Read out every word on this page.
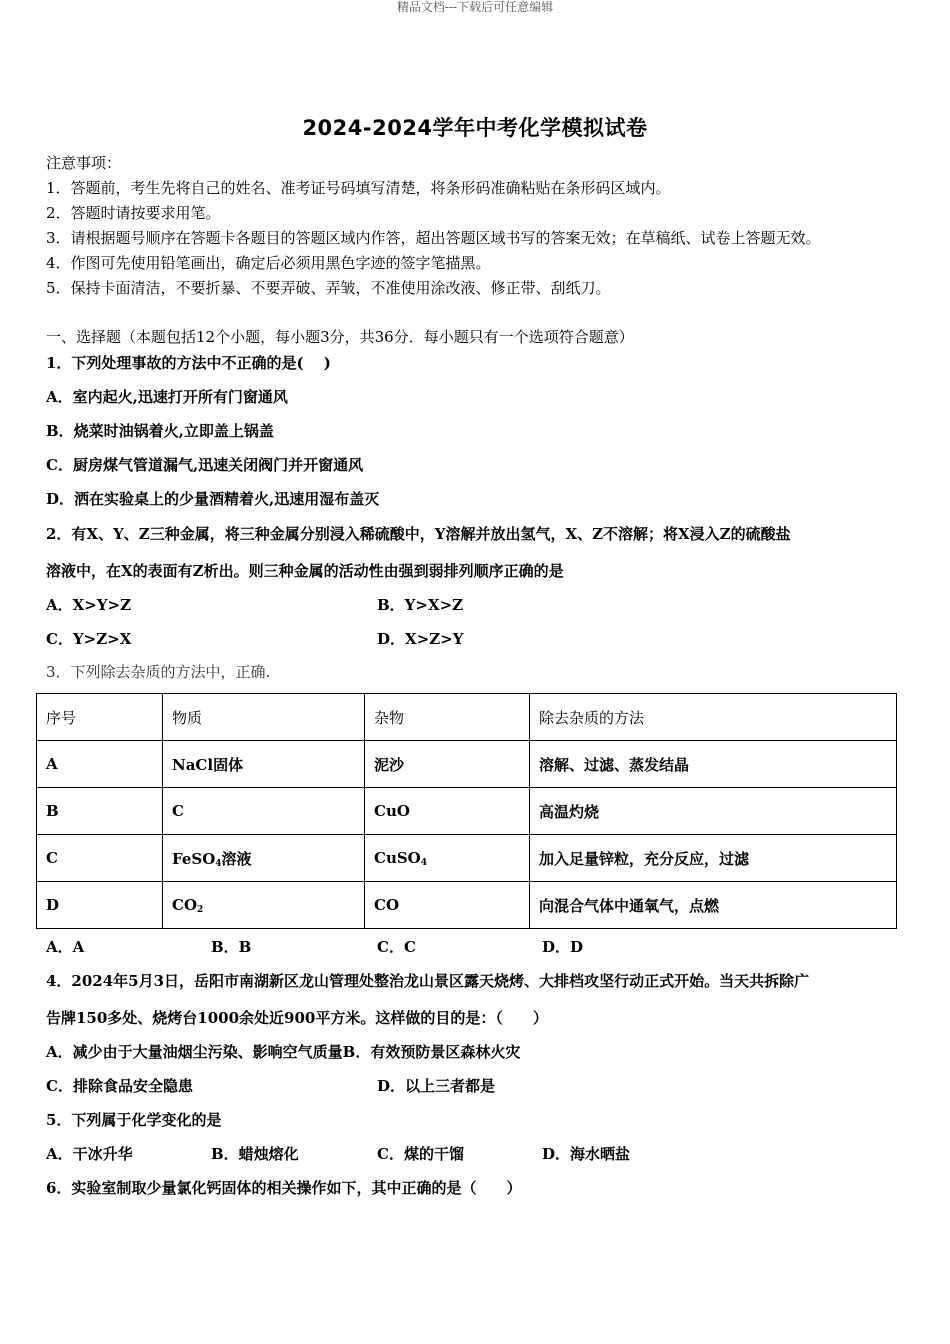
精品文档---下载后可任意编辑
2024-2024学年中考化学模拟试卷
注意事项：
1．答题前，考生先将自己的姓名、准考证号码填写清楚，将条形码准确粘贴在条形码区域内。
2．答题时请按要求用笔。
3．请根据题号顺序在答题卡各题目的答题区域内作答，超出答题区域书写的答案无效；在草稿纸、试卷上答题无效。
4．作图可先使用铅笔画出，确定后必须用黑色字迹的签字笔描黑。
5．保持卡面清洁，不要折暴、不要弄破、弄皱，不准使用涂改液、修正带、刮纸刀。
一、选择题（本题包括12个小题，每小题3分，共36分．每小题只有一个选项符合题意）
1．下列处理事故的方法中不正确的是(　 )
A．室内起火,迅速打开所有门窗通风
B．烧菜时油锅着火,立即盖上锅盖
C．厨房煤气管道漏气,迅速关闭阀门并开窗通风
D．洒在实验桌上的少量酒精着火,迅速用湿布盖灭
2．有X、Y、Z三种金属，将三种金属分别浸入稀硫酸中，Y溶解并放出氢气，X、Z不溶解；将X浸入Z的硫酸盐
溶液中，在X的表面有Z析出。则三种金属的活动性由强到弱排列顺序正确的是
A．X>Y>Z	B．Y>X>Z
C．Y>Z>X	D．X>Z>Y
3．下列除去杂质的方法中，正确.
序号	物质	杂物	除去杂质的方法
A	NaCl固体	泥沙	溶解、过滤、蒸发结晶
B	C	CuO	高温灼烧
C	FeSO$_4$溶液	CuSO$_4$	加入足量锌粒，充分反应，过滤
D	$CO_2$	CO	向混合气体中通氧气，点燃
A．A	B．B	C．C	D．D
4．2024年5月3日，岳阳市南湖新区龙山管理处整治龙山景区露天烧烤、大排档攻坚行动正式开始。当天共拆除广
告牌150多处、烧烤台1000余处近900平方米。这样做的目的是：（　　）
A．减少由于大量油烟尘污染、影响空气质量B．有效预防景区森林火灾
C．排除食品安全隐患	D．以上三者都是
5．下列属于化学变化的是
A．干冰升华	B．蜡烛熔化	C．煤的干馏	D．海水晒盐
6．实验室制取少量氯化钙固体的相关操作如下，其中正确的是（　　）
